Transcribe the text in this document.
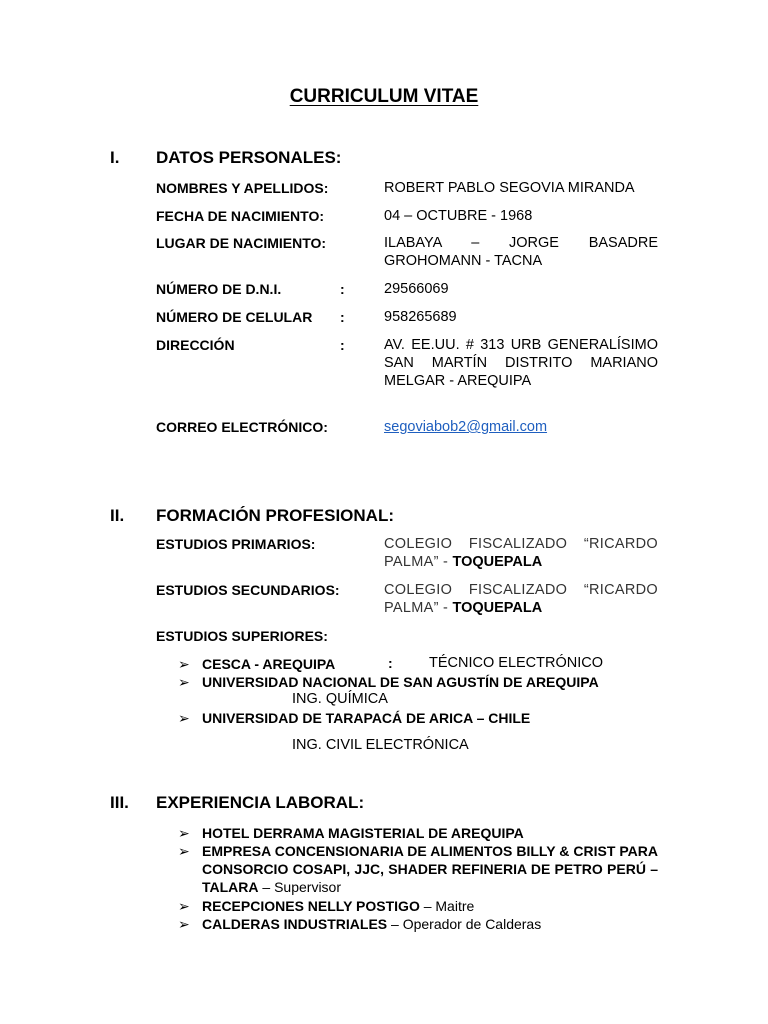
CURRICULUM VITAE
I. DATOS PERSONALES:
NOMBRES Y APELLIDOS:	ROBERT PABLO SEGOVIA MIRANDA
FECHA DE NACIMIENTO:	04 – OCTUBRE - 1968
LUGAR DE NACIMIENTO:	ILABAYA – JORGE BASADRE GROHOMANN - TACNA
NÚMERO DE D.N.I.	:	29566069
NÚMERO DE CELULAR :	958265689
DIRECCIÓN	:	AV. EE.UU. # 313 URB GENERALÍSIMO SAN MARTÍN DISTRITO MARIANO MELGAR - AREQUIPA
CORREO ELECTRÓNICO:	segoviabob2@gmail.com
II. FORMACIÓN PROFESIONAL:
ESTUDIOS PRIMARIOS:	COLEGIO FISCALIZADO “RICARDO PALMA” - TOQUEPALA
ESTUDIOS SECUNDARIOS:	COLEGIO FISCALIZADO “RICARDO PALMA” - TOQUEPALA
ESTUDIOS SUPERIORES:
➢ CESCA - AREQUIPA	:	TÉCNICO ELECTRÓNICO
➢ UNIVERSIDAD NACIONAL DE SAN AGUSTÍN DE AREQUIPA
ING. QUÍMICA
➢ UNIVERSIDAD DE TARAPACÁ DE ARICA – CHILE
ING. CIVIL ELECTRÓNICA
III. EXPERIENCIA LABORAL:
➢ HOTEL DERRAMA MAGISTERIAL DE AREQUIPA
➢ EMPRESA CONCENSIONARIA DE ALIMENTOS BILLY & CRIST PARA CONSORCIO COSAPI, JJC, SHADER REFINERIA DE PETRO PERÚ – TALARA – Supervisor
➢ RECEPCIONES NELLY POSTIGO – Maitre
➢ CALDERAS INDUSTRIALES – Operador de Calderas
